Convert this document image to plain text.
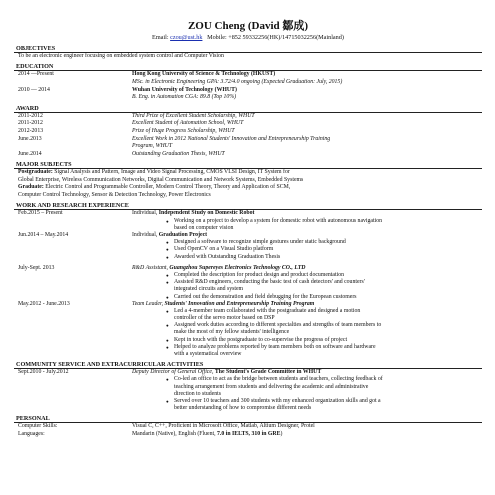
ZOU Cheng (David 鄒成)
Email: czou@ust.hk Mobile: +852 59332256(HK)/14715032256(Mainland)
OBJECTIVES
To be an electronic engineer focusing on embedded system control and Computer Vision
EDUCATION
2014 —Present	Hong Kong University of Science & Technology (HKUST)
MSc. in Electronic Engineering GPA: 3.72/4.0 ongoing (Expected Graduation: July, 2015)
2010 — 2014	Wuhan University of Technology (WHUT)
B. Eng. in Automation CGA: 89.8 (Top 10%)
AWARD
2011-2012	Third Prize of Excellent Student Scholarship, WHUT
2011-2012	Excellent Student of Automation School, WHUT
2012-2013	Prize of Huge Progress Scholarship, WHUT
June.2013	Excellent Work in 2012 National Students' Innovation and Entrepreneurship Training
Program, WHUT
June.2014	Outstanding Graduation Thesis, WHUT
MAJOR SUBJECTS
Postgraduate: Signal Analysis and Pattern, Image and Video Signal Processing, CMOS VLSI Design, IT System for
Global Enterprise, Wireless Communication Networks, Digital Communication and Network Systems, Embedded Systems
Graduate: Electric Control and Programmable Controller, Modern Control Theory, Theory and Application of SCM,
Computer Control Technology, Sensor & Detection Technology, Power Electronics
WORK AND RESEARCH EXPERIENCE
Feb.2015 – Present	Individual, Independent Study on Domestic Robot
● Working on a project to develop a system for domestic robot with autonomous navigation
based on computer vision
Jun.2014 – May.2014	Individual, Graduation Project
● Designed a software to recognize simple gestures under static background
● Used OpenCV on a Visual Studio platform
● Awarded with Outstanding Graduation Thesis
July-Sept. 2013	R&D Assistant, Guangzhou Supereyes Electronics Technology CO., LTD
● Completed the description for product design and product documentation
● Assisted R&D engineers, conducting the basic test of cash detectors' and counters'
integrated circuits and system
● Carried out the demonstration and field debugging for the European customers
May.2012 - June.2013	Team Leader, Students' Innovation and Entrepreneurship Training Program
● Led a 4-member team collaborated with the postgraduate and designed a motion
controller of the servo motor based on DSP
● Assigned work duties according to different specialties and strengths of team members to
make the most of my fellow students' intelligence
● Kept in touch with the postgraduate to co-supervise the progress of project
● Helped to analyze problems reported by team members both on software and hardware
with a systematical overview
COMMUNITY SERVICE AND EXTRACURRICULAR ACTIVITIES
Sept.2010 - July.2012	Deputy Director of General Office, The Student's Grade Committee in WHUT
● Co-led an office to act as the bridge between students and teachers, collecting feedback of
teaching arrangement from students and delivering the academic and administrative
direction to students
● Served over 10 teachers and 300 students with my enhanced organization skills and got a
better understanding of how to compromise different needs
PERSONAL
Computer Skills:	Visual C, C++, Proficient in Microsoft Office, Matlab, Altium Designer, Protel
Languages:	Mandarin (Native), English (Fluent, 7.0 in IELTS, 310 in GRE)
